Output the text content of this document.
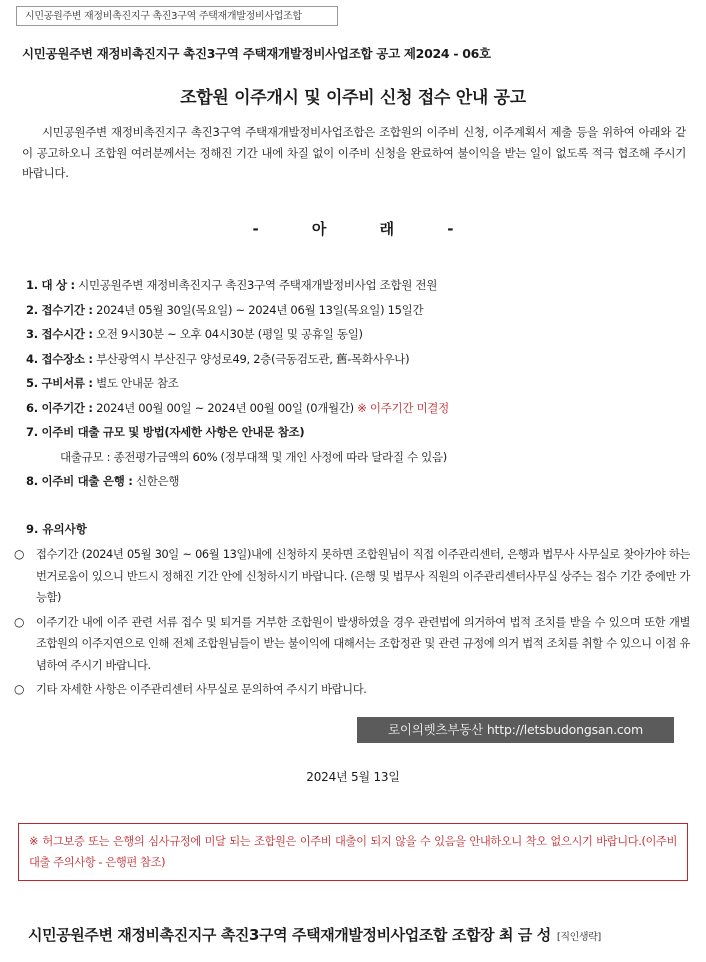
시민공원주변 재정비촉진지구 촉진3구역 주택재개발정비사업조합
시민공원주변 재정비촉진지구 촉진3구역 주택재개발정비사업조합 공고 제2024 - 06호
조합원 이주개시 및 이주비 신청 접수 안내 공고

시민공원주변 재정비촉진지구 촉진3구역 주택재개발정비사업조합은 조합원의 이주비 신청, 이주계획서 제출 등을 위하여 아래와 같이 공고하오니 조합원 여러분께서는 정해진 기간 내에 차질 없이 이주비 신청을 완료하여 불이익을 받는 일이 없도록 적극 협조해 주시기 바랍니다.

- 아 래 -
1. 대 상 : 시민공원주변 재정비촉진지구 촉진3구역 주택재개발정비사업 조합원 전원
2. 접수기간 : 2024년 05월 30일(목요일) ~ 2024년 06월 13일(목요일) 15일간
3. 접수시간 : 오전 9시30분 ~ 오후 04시30분 (평일 및 공휴일 동일)
4. 접수장소 : 부산광역시 부산진구 양성로49, 2층(극동검도관, 舊-목화사우나)
5. 구비서류 : 별도 안내문 참조
6. 이주기간 : 2024년 00월 00일 ~ 2024년 00월 00일 (0개월간) ※ 이주기간 미결정
7. 이주비 대출 규모 및 방법(자세한 사항은 안내문 참조)
대출규모 : 종전평가금액의 60% (정부대책 및 개인 사정에 따라 달라질 수 있음)
8. 이주비 대출 은행 : 신한은행
9. 유의사항
○ 접수기간 (2024년 05월 30일 ~ 06월 13일)내에 신청하지 못하면 조합원님이 직접 이주관리센터, 은행과 법무사 사무실로 찾아가야 하는 번거로움이 있으니 반드시 정해진 기간 안에 신청하시기 바랍니다. (은행 및 법무사 직원의 이주관리센터사무실 상주는 접수 기간 중에만 가능함)
○ 이주기간 내에 이주 관련 서류 접수 및 퇴거를 거부한 조합원이 발생하였을 경우 관련법에 의거하여 법적 조치를 받을 수 있으며 또한 개별 조합원의 이주지연으로 인해 전체 조합원님들이 받는 불이익에 대해서는 조합정관 및 관련 규정에 의거 법적 조치를 취할 수 있으니 이점 유념하여 주시기 바랍니다.
○ 기타 자세한 사항은 이주관리센터 사무실로 문의하여 주시기 바랍니다.
로이의렛츠부동산 http://letsbudongsan.com
2024년 5월 13일
※ 허그보증 또는 은행의 심사규정에 미달 되는 조합원은 이주비 대출이 되지 않을 수 있음을 안내하오니 착오 없으시기 바랍니다.(이주비대출 주의사항 - 은행편 참조)
시민공원주변 재정비촉진지구 촉진3구역 주택재개발정비사업조합 조합장 최 금 성 [직인생략]
